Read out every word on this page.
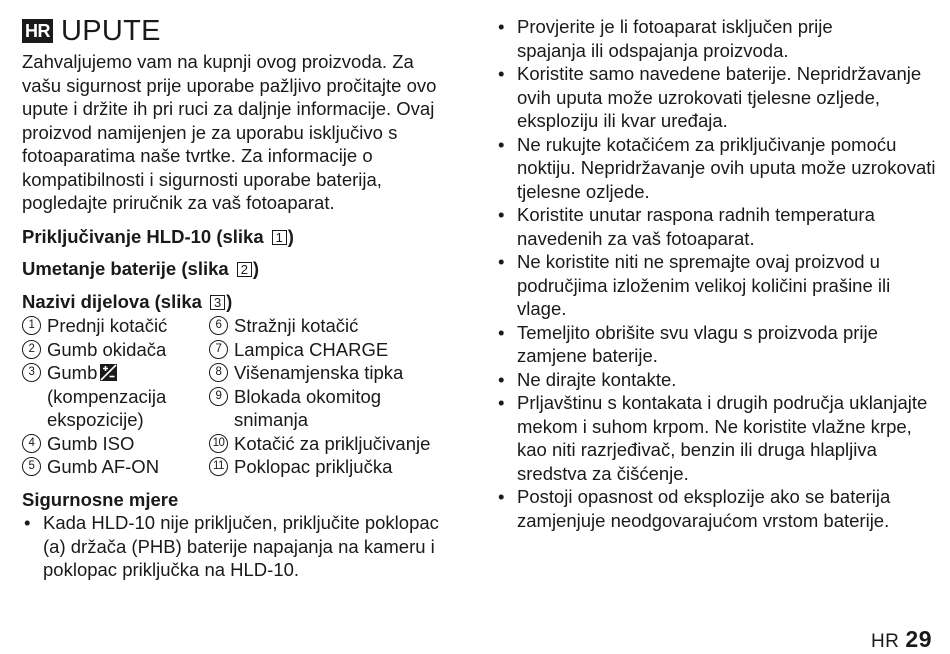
HR UPUTE

Zahvaljujemo vam na kupnji ovog proizvoda. Za vašu sigurnost prije uporabe pažljivo pročitajte ovo upute i držite ih pri ruci za daljnje informacije. Ovaj proizvod namijenjen je za uporabu isključivo s fotoaparatima naše tvrtke. Za informacije o kompatibilnosti i sigurnosti uporabe baterija, pogledajte priručnik za vaš fotoaparat.

Priključivanje HLD-10 (slika 1 )

Umetanje baterije (slika 2 )

Nazivi dijelova (slika 3 )

1 Prednji kotačić
2 Gumb okidača
3 Gumb

(kompenzacija ekspozicije)
4 Gumb ISO
5 Gumb AF-ON
6 Stražnji kotačić
7 Lampica CHARGE
8 Višenamjenska tipka
9 Blokada okomitog snimanja
10 Kotačić za priključivanje
11 Poklopac priključka

Sigurnosne mjere

• Kada HLD-10 nije priključen, priključite poklopac (a) držača (PHB) baterije napajanja na kameru i poklopac priključka na HLD-10.
• Provjerite je li fotoaparat isključen prije spajanja ili odspajanja proizvoda.
• Koristite samo navedene baterije. Nepridržavanje ovih uputa može uzrokovati tjelesne ozljede, eksploziju ili kvar uređaja.
• Ne rukujte kotačićem za priključivanje pomoću noktiju. Nepridržavanje ovih uputa može uzrokovati tjelesne ozljede.
• Koristite unutar raspona radnih temperatura navedenih za vaš fotoaparat.
• Ne koristite niti ne spremajte ovaj proizvod u područjima izloženim velikoj količini prašine ili vlage.
• Temeljito obrišite svu vlagu s proizvoda prije zamjene baterije.
• Ne dirajte kontakte.
• Prljavštinu s kontakata i drugih područja uklanjajte mekom i suhom krpom. Ne koristite vlažne krpe, kao niti razrjeđivač, benzin ili druga hlapljiva sredstva za čišćenje.
• Postoji opasnost od eksplozije ako se baterija zamjenjuje neodgovarajućom vrstom baterije.
HR 29
